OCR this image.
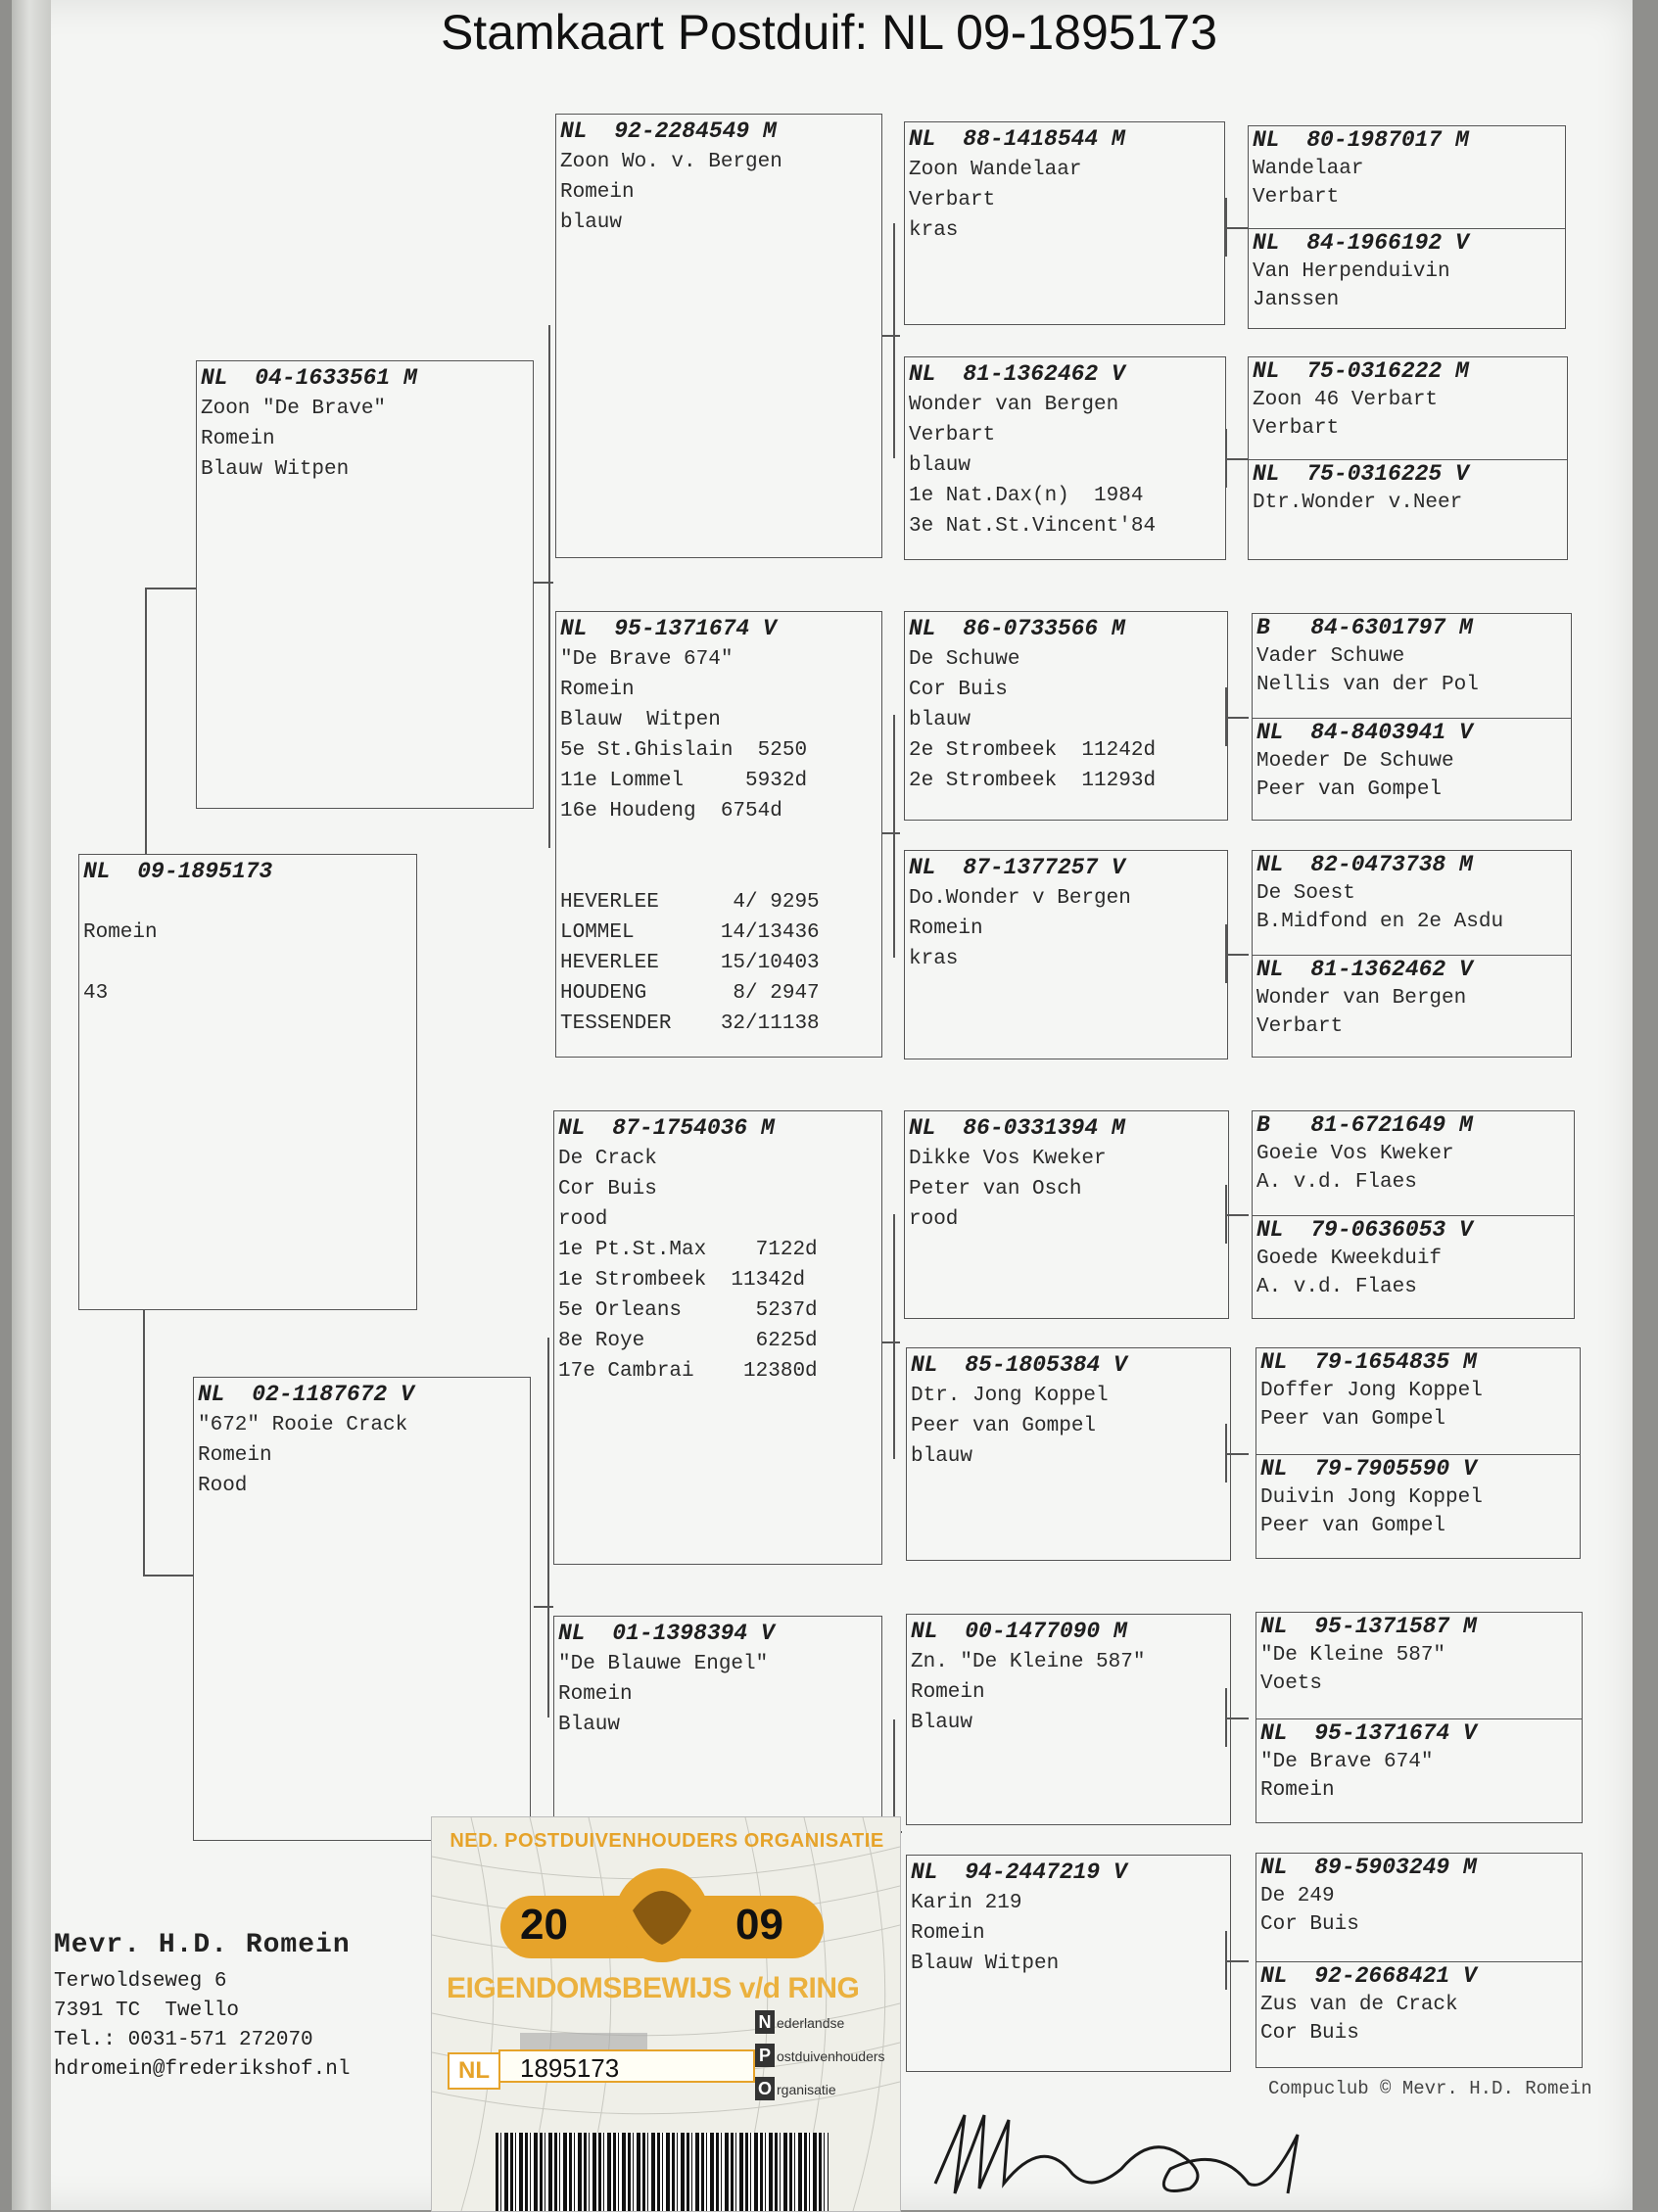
Stamkaart Postduif: NL 09-1895173
NL  09-1895173

Romein

43
NL  04-1633561 M
Zoon "De Brave"
Romein
Blauw Witpen
NL  02-1187672 V
"672" Rooie Crack
Romein
Rood
NL  92-2284549 M
Zoon Wo. v. Bergen
Romein
blauw
NL  95-1371674 V
"De Brave 674"
Romein
Blauw  Witpen
5e St.Ghislain  5250
11e Lommel     5932d
16e Houdeng  6754d

HEVERLEE      4/ 9295
LOMMEL       14/13436
HEVERLEE     15/10403
HOUDENG       8/ 2947
TESSENDER    32/11138
NL  87-1754036 M
De Crack
Cor Buis
rood
1e Pt.St.Max    7122d
1e Strombeek  11342d
5e Orleans      5237d
8e Roye         6225d
17e Cambrai    12380d
NL  01-1398394 V
"De Blauwe Engel"
Romein
Blauw
NL  88-1418544 M
Zoon Wandelaar
Verbart
kras
NL  81-1362462 V
Wonder van Bergen
Verbart
blauw
1e Nat.Dax(n)  1984
3e Nat.St.Vincent'84
NL  86-0733566 M
De Schuwe
Cor Buis
blauw
2e Strombeek  11242d
2e Strombeek  11293d
NL  87-1377257 V
Do.Wonder v Bergen
Romein
kras
NL  86-0331394 M
Dikke Vos Kweker
Peter van Osch
rood
NL  85-1805384 V
Dtr. Jong Koppel
Peer van Gompel
blauw
NL  00-1477090 M
Zn. "De Kleine 587"
Romein
Blauw
NL  94-2447219 V
Karin 219
Romein
Blauw Witpen
NL  80-1987017 M
Wandelaar
Verbart
NL  84-1966192 V
Van Herpenduivin
Janssen
NL  75-0316222 M
Zoon 46 Verbart
Verbart
NL  75-0316225 V
Dtr.Wonder v.Neer
B   84-6301797 M
Vader Schuwe
Nellis van der Pol
NL  84-8403941 V
Moeder De Schuwe
Peer van Gompel
NL  82-0473738 M
De Soest
B.Midfond en 2e Asdu
NL  81-1362462 V
Wonder van Bergen
Verbart
B   81-6721649 M
Goeie Vos Kweker
A. v.d. Flaes
NL  79-0636053 V
Goede Kweekduif
A. v.d. Flaes
NL  79-1654835 M
Doffer Jong Koppel
Peer van Gompel
NL  79-7905590 V
Duivin Jong Koppel
Peer van Gompel
NL  95-1371587 M
"De Kleine 587"
Voets
NL  95-1371674 V
"De Brave 674"
Romein
NL  89-5903249 M
De 249
Cor Buis
NL  92-2668421 V
Zus van de Crack
Cor Buis
Mevr. H.D. Romein
Terwoldseweg 6
7391 TC  Twello
Tel.: 0031-571 272070
hdromein@frederikshof.nl
Compuclub © Mevr. H.D. Romein
NED. POSTDUIVENHOUDERS ORGANISATIE
20	09
EIGENDOMSBEWIJS v/d RING
NL	1895173
N ederlandse
P ostduivenhouders
O rganisatie
